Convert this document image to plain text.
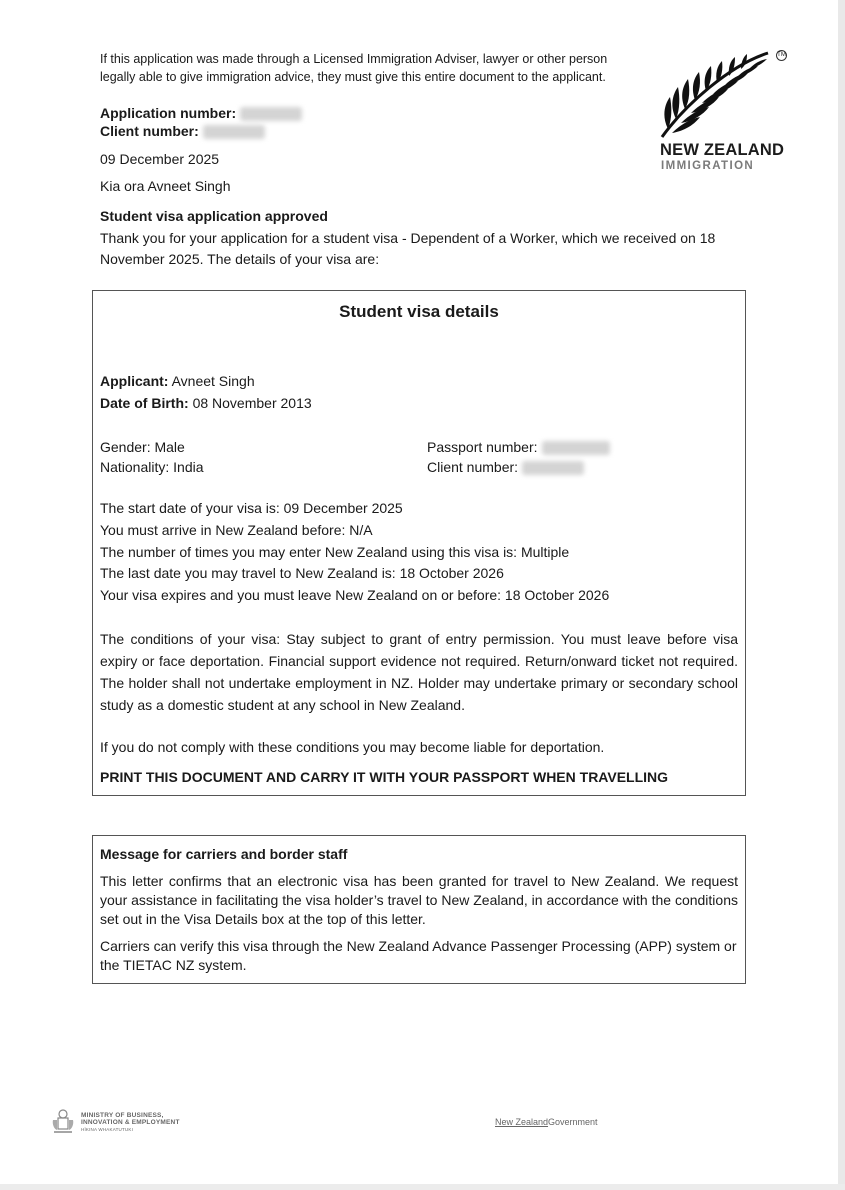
If this application was made through a Licensed Immigration Adviser, lawyer or other person
legally able to give immigration advice, they must give this entire document to the applicant.
TM
NEW ZEALAND
IMMIGRATION
Application number:
Client number:
09 December 2025
Kia ora Avneet Singh
Student visa application approved
Thank you for your application for a student visa - Dependent of a Worker, which we received on 18
November 2025. The details of your visa are:
Student visa details
Applicant: Avneet Singh
Date of Birth: 08 November 2013
Gender: Male
Nationality: India
Passport number:
Client number:
The start date of your visa is: 09 December 2025
You must arrive in New Zealand before: N/A
The number of times you may enter New Zealand using this visa is: Multiple
The last date you may travel to New Zealand is: 18 October 2026
Your visa expires and you must leave New Zealand on or before: 18 October 2026
The conditions of your visa: Stay subject to grant of entry permission. You must leave before visa expiry or face deportation. Financial support evidence not required. Return/onward ticket not required. The holder shall not undertake employment in NZ. Holder may undertake primary or secondary school study as a domestic student at any school in New Zealand.
If you do not comply with these conditions you may become liable for deportation.
PRINT THIS DOCUMENT AND CARRY IT WITH YOUR PASSPORT WHEN TRAVELLING
Message for carriers and border staff
This letter confirms that an electronic visa has been granted for travel to New Zealand. We request your assistance in facilitating the visa holder’s travel to New Zealand, in accordance with the conditions set out in the Visa Details box at the top of this letter.
Carriers can verify this visa through the New Zealand Advance Passenger Processing (APP) system or the TIETAC NZ system.
MINISTRY OF BUSINESS,
INNOVATION & EMPLOYMENT
HĪKINA WHAKATUTUKI
New ZealandGovernment
